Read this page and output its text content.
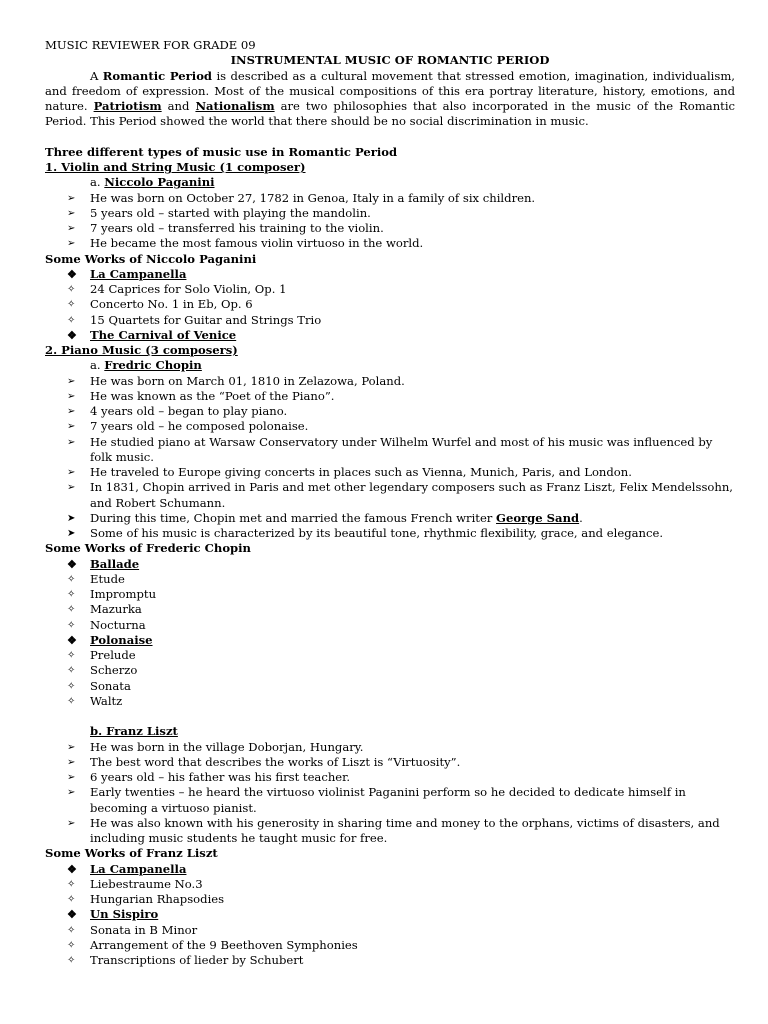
MUSIC REVIEWER FOR GRADE 09
INSTRUMENTAL MUSIC OF ROMANTIC PERIOD

A Romantic Period is described as a cultural movement that stressed emotion, imagination, individualism, and freedom of expression. Most of the musical compositions of this era portray literature, history, emotions, and nature. Patriotism and Nationalism are two philosophies that also incorporated in the music of the Romantic Period. This Period showed the world that there should be no social discrimination in music.

Three different types of music use in Romantic Period
1. Violin and String Music (1 composer)
a. Niccolo Paganini
➢	He was born on October 27, 1782 in Genoa, Italy in a family of six children.
➢	5 years old – started with playing the mandolin.
➢	7 years old – transferred his training to the violin.
➢	He became the most famous violin virtuoso in the world.
Some Works of Niccolo Paganini
❖ La Campanella
✧ 24 Caprices for Solo Violin, Op. 1
✧ Concerto No. 1 in Eb, Op. 6
✧ 15 Quartets for Guitar and Strings Trio
❖ The Carnival of Venice
2. Piano Music (3 composers)
a. Fredric Chopin
➢	He was born on March 01, 1810 in Zelazowa, Poland.
➢	He was known as the “Poet of the Piano”.
➢	4 years old – began to play piano.
➢	7 years old – he composed polonaise.
➢	He studied piano at Warsaw Conservatory under Wilhelm Wurfel and most of his music was influenced by folk music.
➢	He traveled to Europe giving concerts in places such as Vienna, Munich, Paris, and London.
➢	In 1831, Chopin arrived in Paris and met other legendary composers such as Franz Liszt, Felix Mendelssohn, and Robert Schumann.
➤	During this time, Chopin met and married the famous French writer George Sand.
➤	Some of his music is characterized by its beautiful tone, rhythmic flexibility, grace, and elegance.
Some Works of Frederic Chopin
❖ Ballade
✧ Etude
✧ Impromptu
✧ Mazurka
✧ Nocturna
❖ Polonaise
✧ Prelude
✧ Scherzo
✧ Sonata
✧ Waltz
b. Franz Liszt
➢	He was born in the village Doborjan, Hungary.
➢	The best word that describes the works of Liszt is “Virtuosity”.
➢	6 years old – his father was his first teacher.
➢	Early twenties – he heard the virtuoso violinist Paganini perform so he decided to dedicate himself in becoming a virtuoso pianist.
➢	He was also known with his generosity in sharing time and money to the orphans, victims of disasters, and including music students he taught music for free.
Some Works of Franz Liszt
❖ La Campanella
✧ Liebestraume No.3
✧ Hungarian Rhapsodies
❖ Un Sispiro
✧ Sonata in B Minor
✧ Arrangement of the 9 Beethoven Symphonies
✧ Transcriptions of lieder by Schubert
